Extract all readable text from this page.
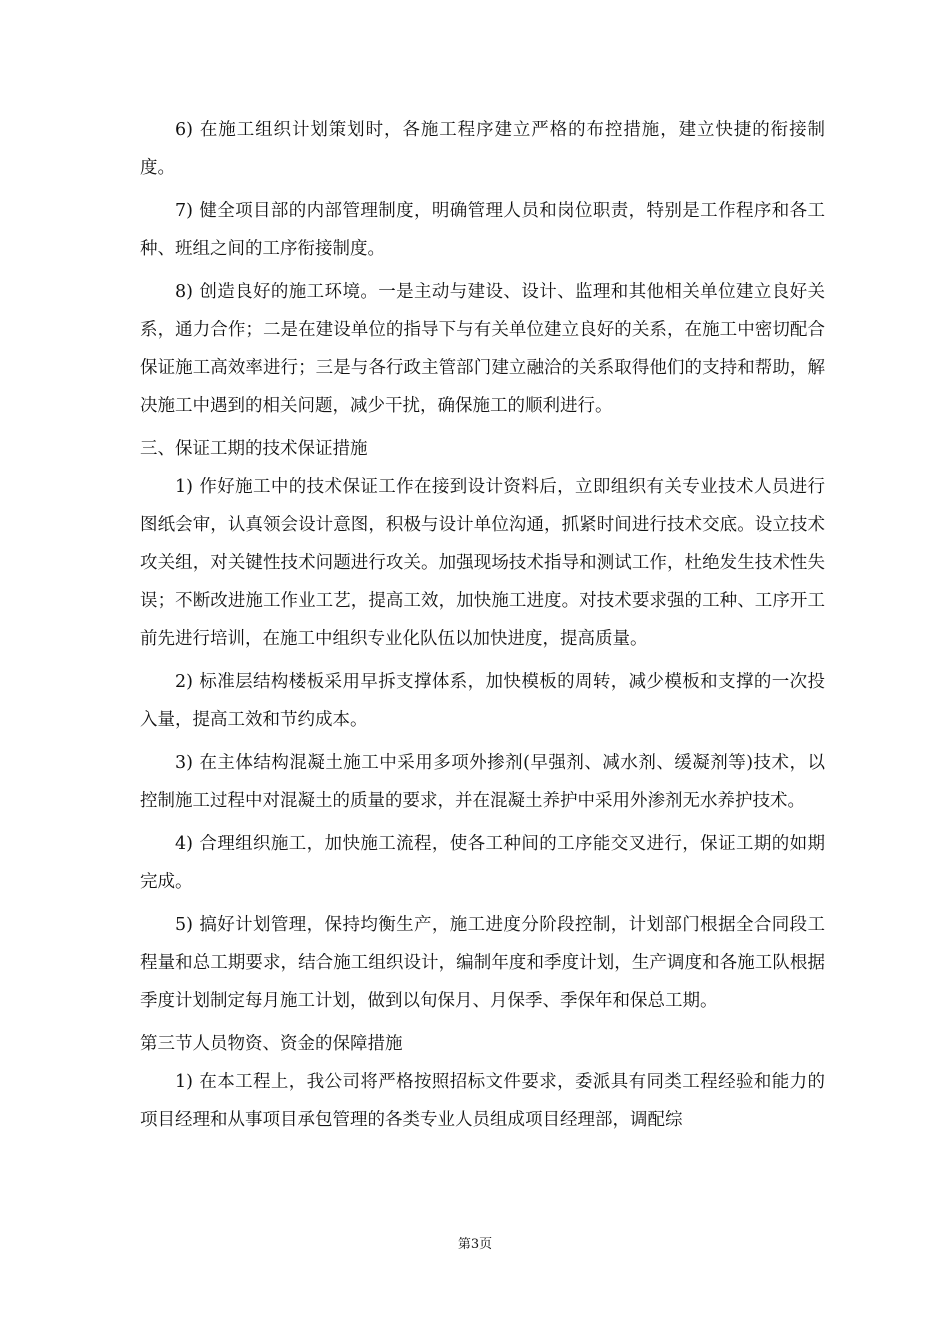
6) 在施工组织计划策划时，各施工程序建立严格的布控措施，建立快捷的衔接制度。

7) 健全项目部的内部管理制度，明确管理人员和岗位职责，特别是工作程序和各工种、班组之间的工序衔接制度。

8) 创造良好的施工环境。一是主动与建设、设计、监理和其他相关单位建立良好关系，通力合作；二是在建设单位的指导下与有关单位建立良好的关系，在施工中密切配合保证施工高效率进行；三是与各行政主管部门建立融洽的关系取得他们的支持和帮助，解决施工中遇到的相关问题，减少干扰，确保施工的顺利进行。

三、保证工期的技术保证措施

1) 作好施工中的技术保证工作在接到设计资料后，立即组织有关专业技术人员进行图纸会审，认真领会设计意图，积极与设计单位沟通，抓紧时间进行技术交底。设立技术攻关组，对关键性技术问题进行攻关。加强现场技术指导和测试工作，杜绝发生技术性失误；不断改进施工作业工艺，提高工效，加快施工进度。对技术要求强的工种、工序开工前先进行培训，在施工中组织专业化队伍以加快进度，提高质量。

2) 标准层结构楼板采用早拆支撑体系，加快模板的周转，减少模板和支撑的一次投入量，提高工效和节约成本。

3) 在主体结构混凝土施工中采用多项外掺剂(早强剂、减水剂、缓凝剂等)技术，以控制施工过程中对混凝土的质量的要求，并在混凝土养护中采用外渗剂无水养护技术。

4) 合理组织施工，加快施工流程，使各工种间的工序能交叉进行，保证工期的如期完成。

5) 搞好计划管理，保持均衡生产，施工进度分阶段控制，计划部门根据全合同段工程量和总工期要求，结合施工组织设计，编制年度和季度计划，生产调度和各施工队根据季度计划制定每月施工计划，做到以旬保月、月保季、季保年和保总工期。

第三节人员物资、资金的保障措施

1) 在本工程上，我公司将严格按照招标文件要求，委派具有同类工程经验和能力的项目经理和从事项目承包管理的各类专业人员组成项目经理部，调配综

第3页
